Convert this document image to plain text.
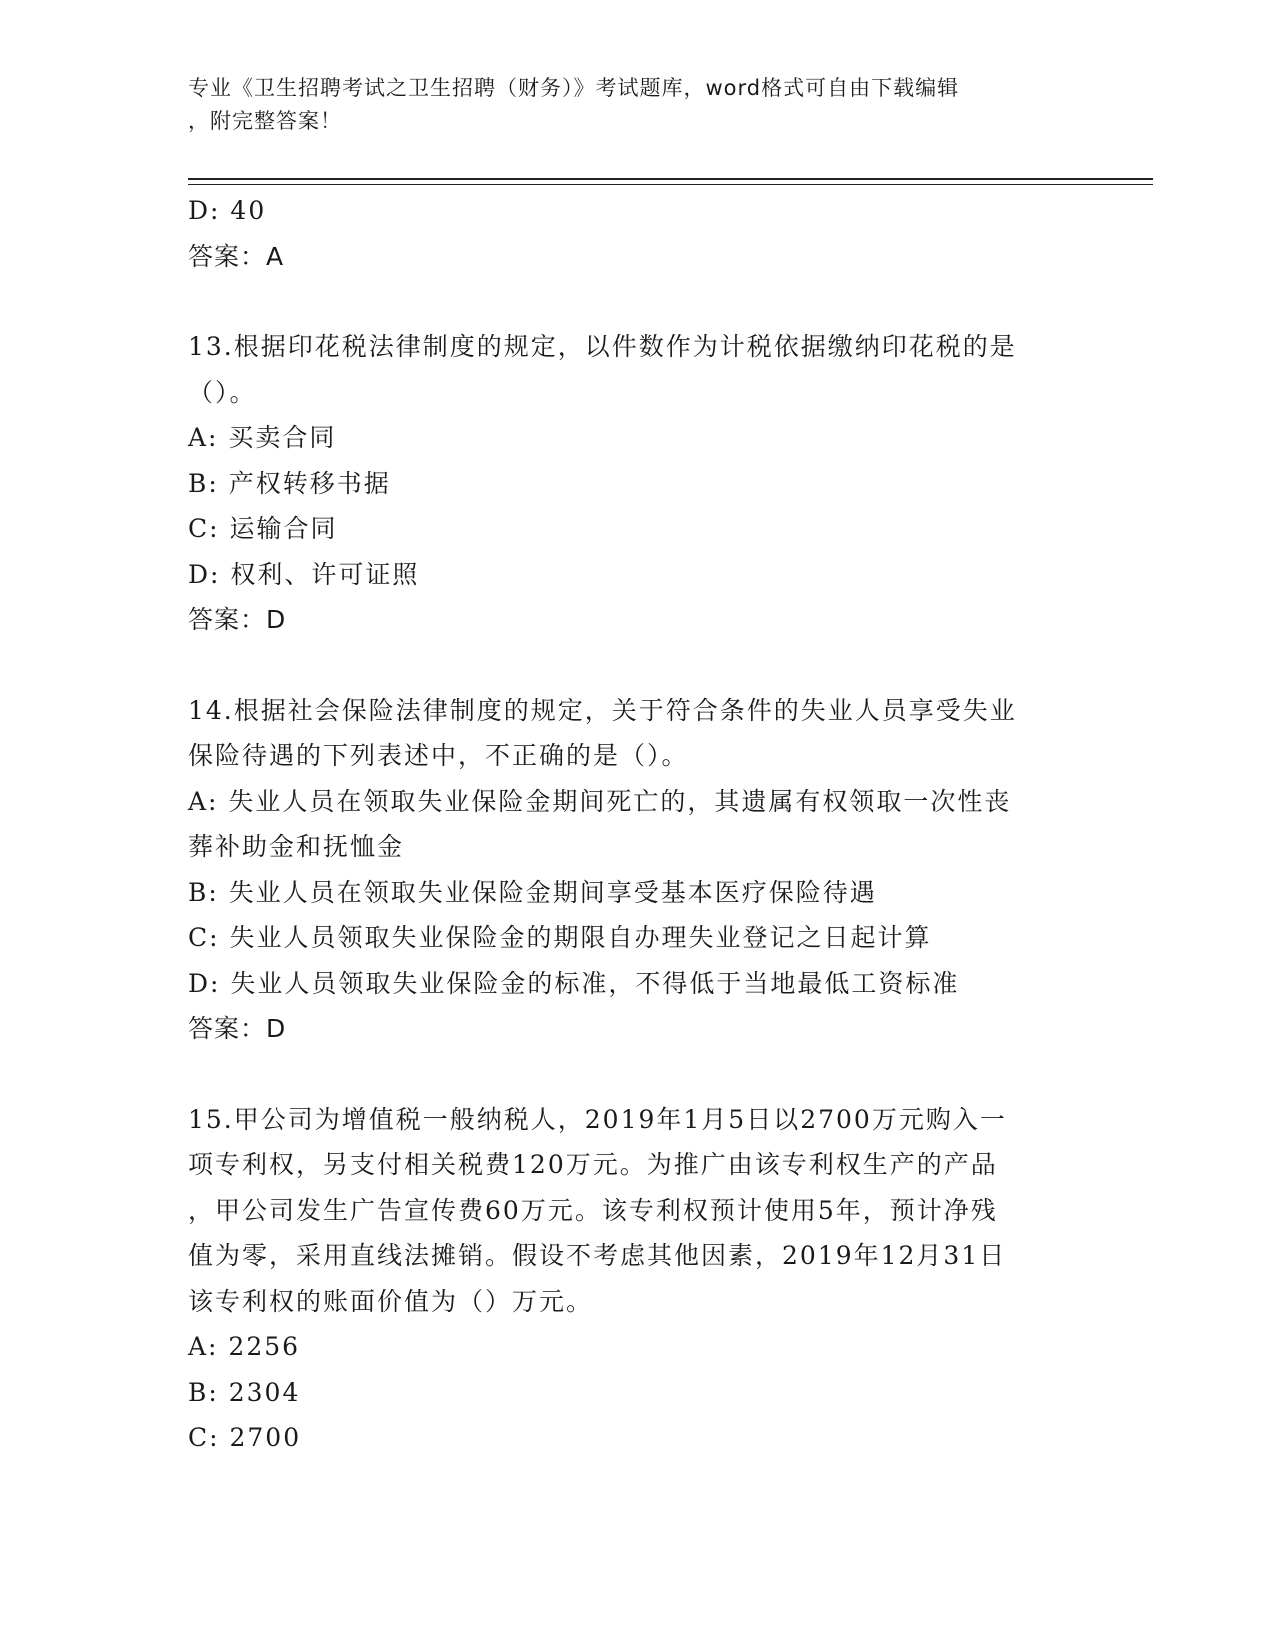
专业《卫生招聘考试之卫生招聘（财务）》考试题库，word格式可自由下载编辑
，附完整答案！
D: 40
答案：A
13.根据印花税法律制度的规定，以件数作为计税依据缴纳印花税的是
（）。
A: 买卖合同
B: 产权转移书据
C: 运输合同
D: 权利、许可证照
答案：D
14.根据社会保险法律制度的规定，关于符合条件的失业人员享受失业
保险待遇的下列表述中，不正确的是（）。
A: 失业人员在领取失业保险金期间死亡的，其遗属有权领取一次性丧
葬补助金和抚恤金
B: 失业人员在领取失业保险金期间享受基本医疗保险待遇
C: 失业人员领取失业保险金的期限自办理失业登记之日起计算
D: 失业人员领取失业保险金的标准，不得低于当地最低工资标准
答案：D
15.甲公司为增值税一般纳税人，2019年1月5日以2700万元购入一
项专利权，另支付相关税费120万元。为推广由该专利权生产的产品
，甲公司发生广告宣传费60万元。该专利权预计使用5年，预计净残
值为零，采用直线法摊销。假设不考虑其他因素，2019年12月31日
该专利权的账面价值为（）万元。
A: 2256
B: 2304
C: 2700
